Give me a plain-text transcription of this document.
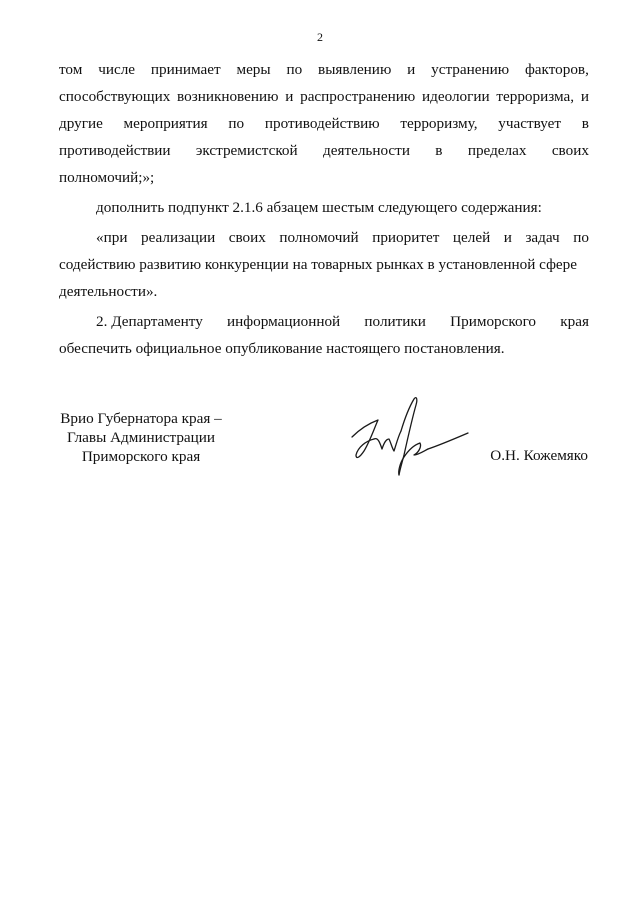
2
том числе принимает меры по выявлению и устранению факторов,
способствующих возникновению и распространению идеологии терроризма, и
другие мероприятия по противодействию терроризму, участвует в
противодействии экстремистской деятельности в пределах своих
полномочий;»;
дополнить подпункт 2.1.6 абзацем шестым следующего содержания:
«при реализации своих полномочий приоритет целей и задач по
содействию развитию конкуренции на товарных рынках в установленной сфере
деятельности».
2. Департаменту информационной политики Приморского края
обеспечить официальное опубликование настоящего постановления.
Врио Губернатора края –
Главы Администрации
Приморского края	О.Н. Кожемяко
